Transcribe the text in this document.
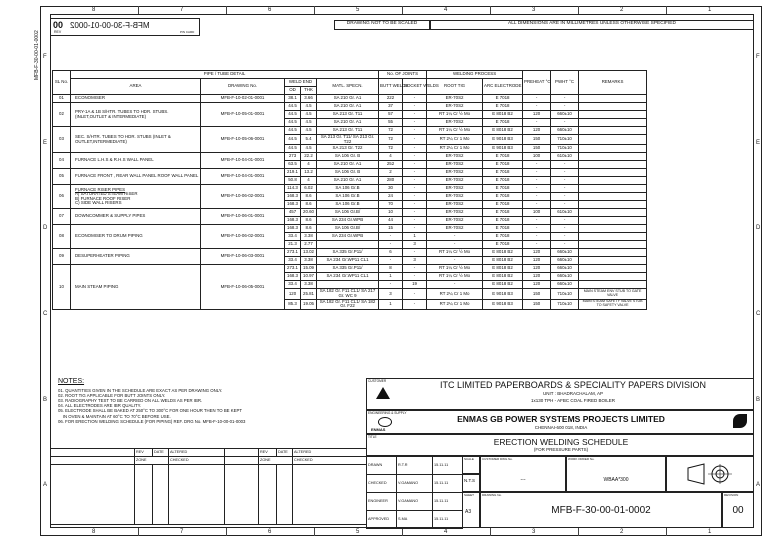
8	7	6	5	4	3	2	1
8	7	6	5	4	3	2	1
F
E
D
C
B
A
F
E
D
C
B
A
MFB-F-30-00-01-0002
00
REV
MFB-F-30-00-01-0002
PIN CARD
DRAWING NOT TO BE SCALED	ALL DIMENSIONS ARE IN MILLIMETRES UNLESS OTHERWISE SPECIFIED
SL No.	PIPE / TUBE DETAIL					No. OF JOINTS		WELDING PROCESS		PREHEAT °C	PWHT °C	REMARKS
	AREA	DRAWING No.	WELD END		MATL. SPECN.	BUTT WELDS	SOCKET WELDS	ROOT TIG	ARC ELECTRODE			
			OD	THK								
01	ECONOMISER	MFB-F-10-02-01-0001	38.1	3.66	SA 210 Gr. A1	222	-	ER-70S2	E 7018	-	-	
02	PRY-1A & 1B S/HTR. TUBES TO HDR. STUBS. (INLET,OUTLET & INTERMEDIATE)	MFB-F-10-05-01-0001	44.5	4.5	SA 210 Gr. A1	37	-	ER-70S2	E 7018	-	-	
			44.5	4.5	SA 213 Gr. T11	57	-	RT 1¼ Cr ½ Mo	E 8018 B2	120	660±10	
			44.5	4.5	SA 210 Gr. A1	55	-	ER-70S2	E 7018	-	-	
03	SEC. S/HTR. TUBES TO HDR. STUBS (INLET & OUTLET,INTERMEDIATE)	MFB-F-10-05-06-0001	44.5	4.5	SA 213 Gr. T11	72	-	RT 1¼ Cr ½ Mo	E 8018 B2	120	660±10	
			44.5	5.4	SA 213 Gr. T11/ SA 213 Gr. T22	72	-	RT 2¼ Cr 1 Mo	E 9018 B3	150	710±10	
			44.5	4.5	SA 213 Gr. T22	72	-	RT 2¼ Cr 1 Mo	E 9018 B3	150	710±10	
04	FURNACE L.H.S & R.H.S WALL PANEL	MFB-F-10-04-01-0001	273	22.2	SA 106 Gr. B	4	-	ER-70S2	E 7018	100	610±10	
			63.5	4	SA 210 Gr. A1	252	-	ER-70S2	E 7018	-	-	
05	FURNACE FRONT , REAR WALL PANEL ROOF WALL PANEL	MFB-F-10-04-01-0001	219.1	13.2	SA 106 Gr. B	2	-	ER-70S2	E 7018	-	-	
			50.8	4	SA 210 Gr. A1	280	-	ER-70S2	E 7018	-	-	
06	FURNACE RISER PIPES
A) SATURATED STEAM RISER
B) FURNACE ROOF RISER
C) SIDE WALL RISERS	MFB-F-10-06-02-0001	114.3	6.02	SA 106 Gr.B	30	-	ER-70S2	E 7018	-	-	
			168.3	8.6	SA 106 Gr.B	24	-	ER-70S2	E 7018	-	-	
			168.3	8.6	SA 106 Gr.B	70	-	ER-70S2	E 7018	-	-	
07	DOWNCOMMER & SUPPLY PIPES	MFB-F-10-06-01-0001	457	20.60	SA 106 Gr.B/	10	-	ER-70S2	E 7018	100	610±10	
			168.3	8.6	SA 234 Gr.WPB	44	-	ER-70S2	E 7018	-	-	
08	ECONOMISER TO DRUM PIPING	MFB-F-10-06-02-0001	168.3	8.6	SA 106 Gr.B/	15	-	ER-70S2	E 7018	-	-	
			33.4	3.38	SA 234 Gr.WPB	-	1	-	E 7018	-	-	
			21.3	2.77		-	3	-	E 7018	-	-	
09	DESUPERHEATER PIPING	MFB-F-10-06-03-0001	273.1	13.02	SA 335 Gr.P11/	6	-	RT 1¼ Cr ½ Mo	E 8018 B2	120	660±10	
			33.4	3.38	SA 234 Gr.WP11 CL1	-	3	-	E 8018 B2	120	660±10	
10	MAIN STEAM PIPING	MFB-F-10-06-05-0001	273.1	15.09	SA 335 Gr.P11/	8	-	RT 1¼ Cr ½ Mo	E 8018 B2	120	660±10	
			168.3	10.97	SA 234 Gr.WP11 CL1	1	-	RT 1¼ Cr ½ Mo	E 8018 B2	120	660±10	
			33.4	3.38		-	19	-	E 8018 B2	120	660±10	
			120	25.81	SA 182 Gr. F11 CL1/ SA 217 Gr. WC 9	3	-	RT 2¼ Cr 1 Mo	E 9018 B3	150	710±10	MAIN STEAM ENV STUB TO GATE VALVE
			85.3	19.05	SA 182 Gr. F11 CL1/ SA 182 Gr. F22	1	-	RT 2¼ Cr 1 Mo	E 9018 B3	150	710±10	MAIN STEAM SAFETY VALVE STUB TO SAFETY VALVE
NOTES:
01. QUANTITIES GIVEN IN THE SCHEDULE ARE EXACT AS PER DRAWING ONLY.
02. ROOT TIG APPLICABLE FOR BUTT JOINTS ONLY.
03. RADIOGRAPHY TEST TO BE CARRIED ON ALL WELDS AS PER IBR.
04. ALL ELECTRODES ARE IBR QUALITY.
05. ELECTRODE SHALL BE BAKED AT 250°C TO 300°C FOR ONE HOUR THEN TO BE KEPT
IN OVEN & MAINTAIN AT 60°C TO 70°C BEFORE USE.
06. FOR ERECTION WELDING SCHEDULE (FOR PIPING) REF. DRG No. MFB-F-10-00-01-0003
	REV	DATE	ALTERED		REV	DATE	ALTERED
	ZONE		CHECKED		ZONE		CHECKED

CUSTOMER	ITC LIMITED PAPERBOARDS & SPECIALITY PAPERS DIVISION
UNIT : BHADRACHALAM, AP
1x130 TPH - AFBC COAL FIRED BOILER
ENGINEERING & SUPPLY
ENMAS
ENMAS GB POWER SYSTEMS PROJECTS LIMITED
CHENNAI-600 018, INDIA
TITLE	ERECTION WELDING SCHEDULE
(FOR PRESSURE PARTS)
DRAWN	R.T.R	15.11.11
CHECKED	V.GAMANO	15.11.11
ENGINEER	V.GAMANO	15.11.11
APPROVED	S.MA	15.11.11
SCALE
N.T.S
CUSTOMER DWG No.
---
WORK ORDER No.
WBAA*300
SHEET
A3
DRAWING No.
MFB-F-30-00-01-0002
REVISION
00
